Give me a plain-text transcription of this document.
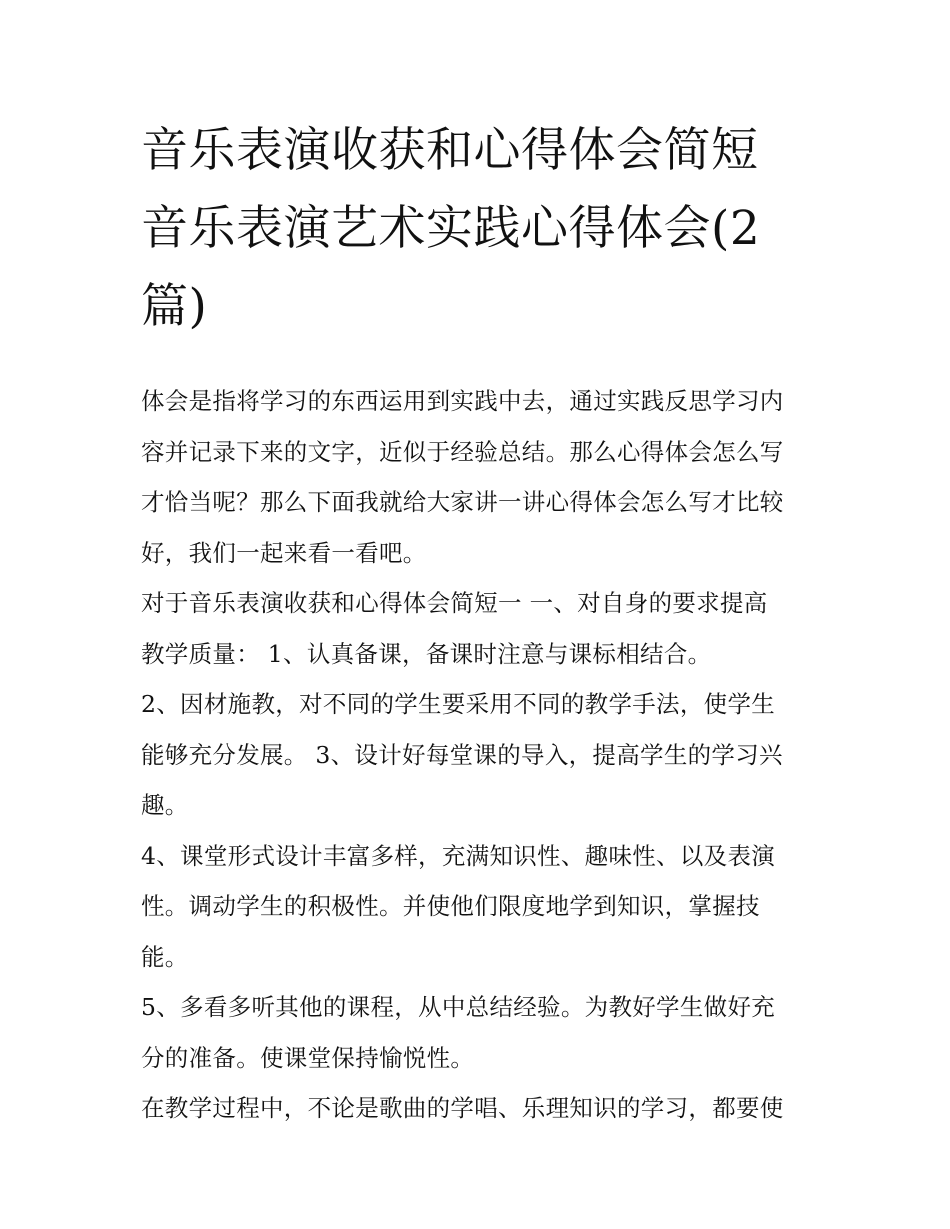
音乐表演收获和心得体会简短
音乐表演艺术实践心得体会(2
篇)

体会是指将学习的东西运用到实践中去，通过实践反思学习内
容并记录下来的文字，近似于经验总结。那么心得体会怎么写
才恰当呢？那么下面我就给大家讲一讲心得体会怎么写才比较
好，我们一起来看一看吧。

对于音乐表演收获和心得体会简短一 一、对自身的要求提高
教学质量： 1、认真备课，备课时注意与课标相结合。

2、因材施教，对不同的学生要采用不同的教学手法，使学生
能够充分发展。 3、设计好每堂课的导入，提高学生的学习兴
趣。

4、课堂形式设计丰富多样，充满知识性、趣味性、以及表演
性。调动学生的积极性。并使他们限度地学到知识，掌握技
能。

5、多看多听其他的课程，从中总结经验。为教好学生做好充
分的准备。使课堂保持愉悦性。

在教学过程中，不论是歌曲的学唱、乐理知识的学习，都要使
